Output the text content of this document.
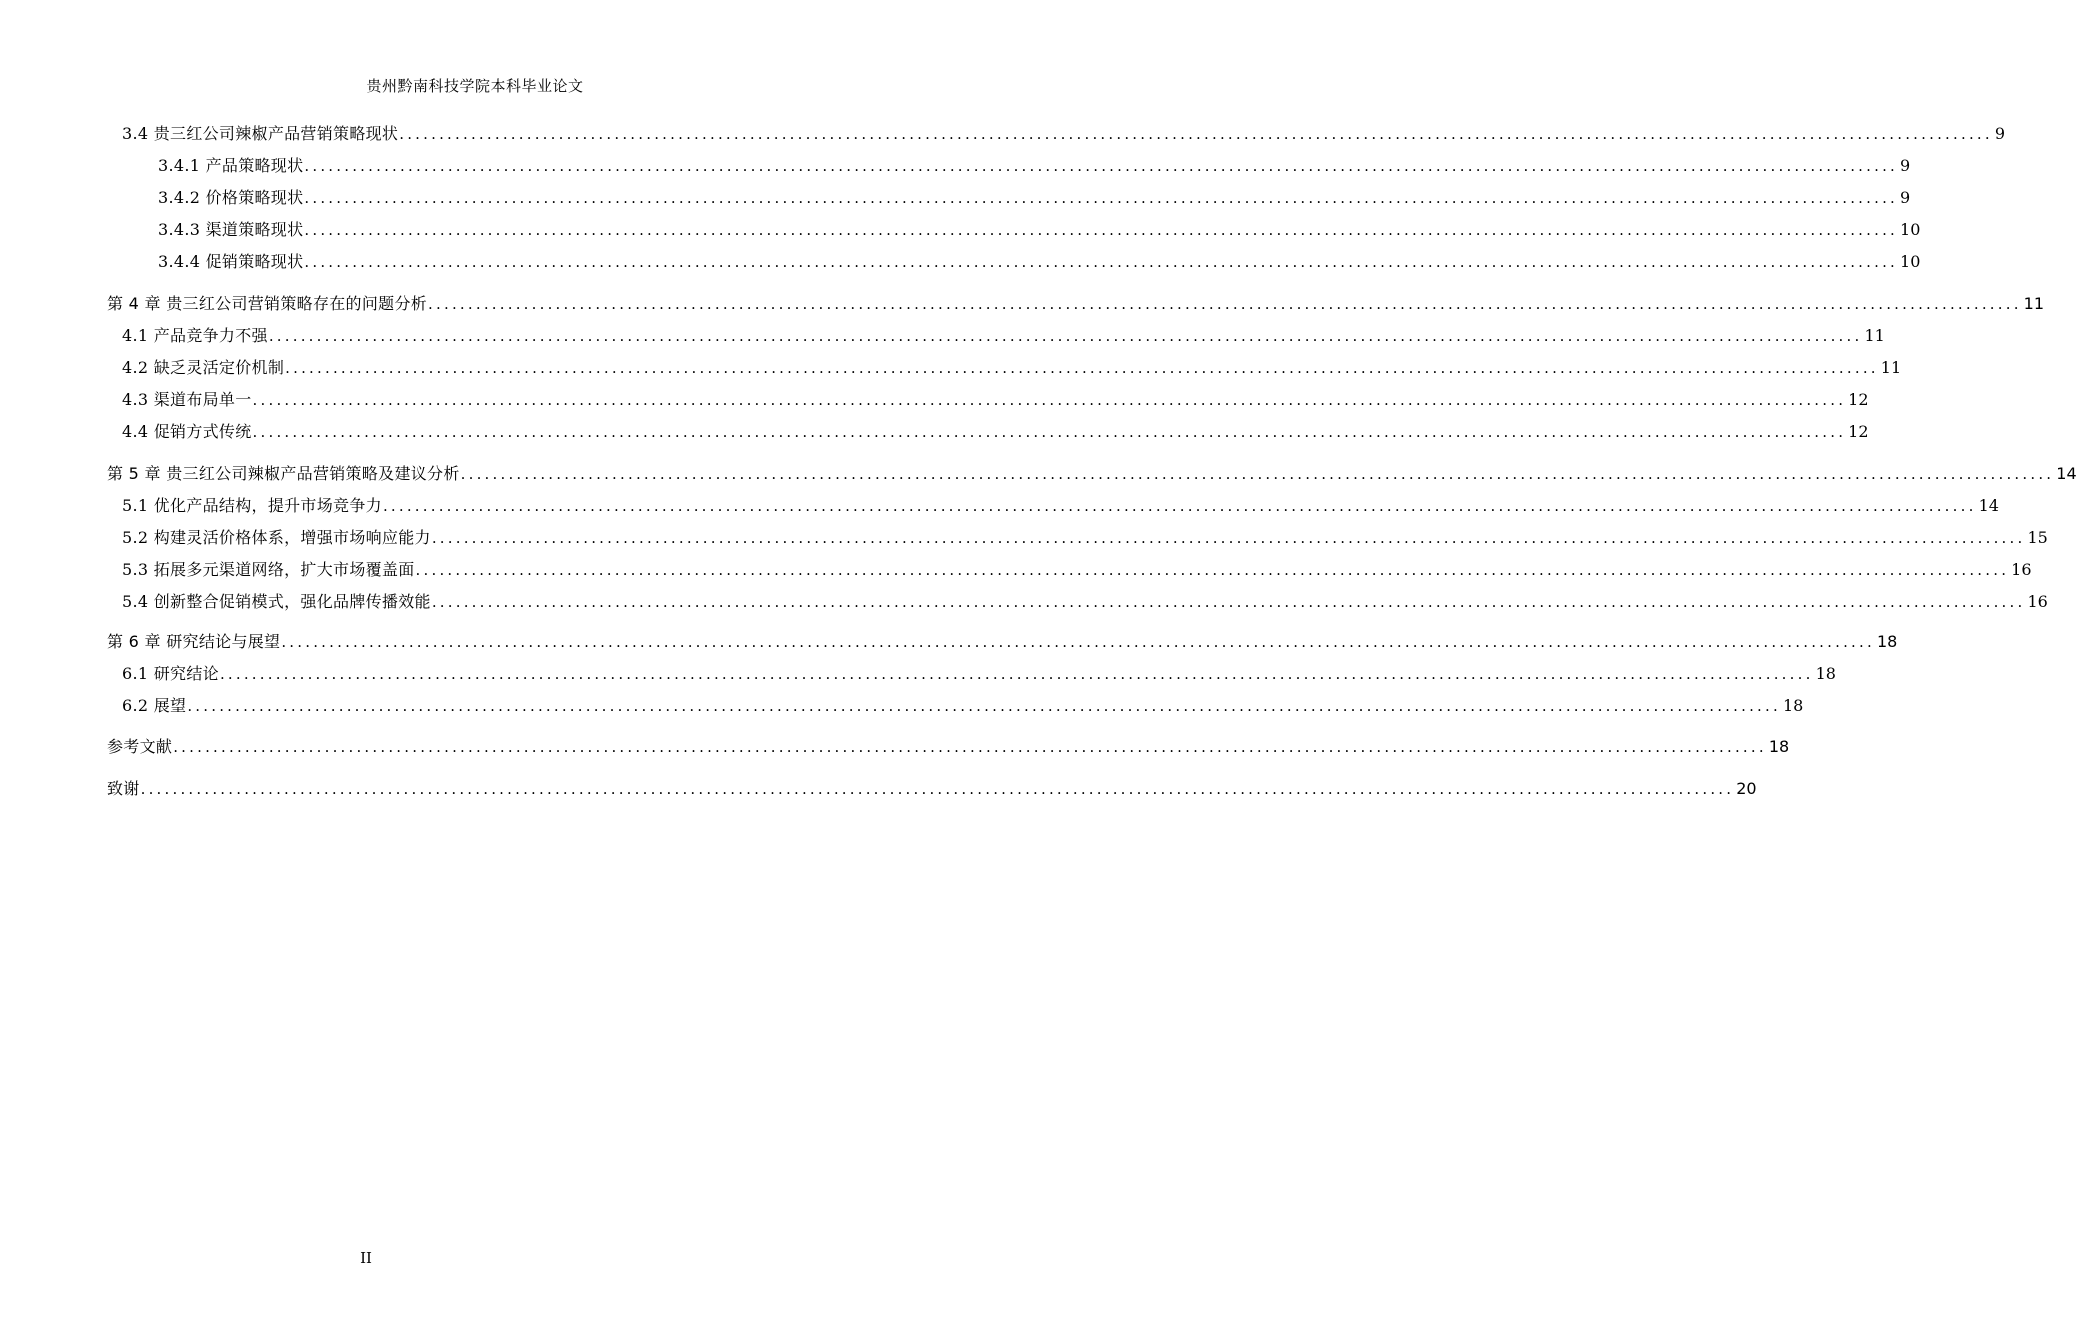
贵州黔南科技学院本科毕业论文
3.4 贵三红公司辣椒产品营销策略现状 ........................................................................................................................................................................................................ 9
3.4.1 产品策略现状 ........................................................................................................................................................................................................ 9
3.4.2 价格策略现状 ........................................................................................................................................................................................................ 9
3.4.3 渠道策略现状 ........................................................................................................................................................................................................ 10
3.4.4 促销策略现状 ........................................................................................................................................................................................................ 10
第 4 章 贵三红公司营销策略存在的问题分析 ........................................................................................................................................................................................................ 11
4.1 产品竞争力不强 ........................................................................................................................................................................................................ 11
4.2 缺乏灵活定价机制 ........................................................................................................................................................................................................ 11
4.3 渠道布局单一 ........................................................................................................................................................................................................ 12
4.4 促销方式传统 ........................................................................................................................................................................................................ 12
第 5 章 贵三红公司辣椒产品营销策略及建议分析 ........................................................................................................................................................................................................ 14
5.1 优化产品结构，提升市场竞争力 ........................................................................................................................................................................................................ 14
5.2 构建灵活价格体系，增强市场响应能力 ........................................................................................................................................................................................................ 15
5.3 拓展多元渠道网络，扩大市场覆盖面 ........................................................................................................................................................................................................ 16
5.4 创新整合促销模式，强化品牌传播效能 ........................................................................................................................................................................................................ 16
第 6 章 研究结论与展望 ........................................................................................................................................................................................................ 18
6.1 研究结论 ........................................................................................................................................................................................................ 18
6.2 展望 ........................................................................................................................................................................................................ 18
参考文献 ........................................................................................................................................................................................................ 18
致谢 ........................................................................................................................................................................................................ 20
II
